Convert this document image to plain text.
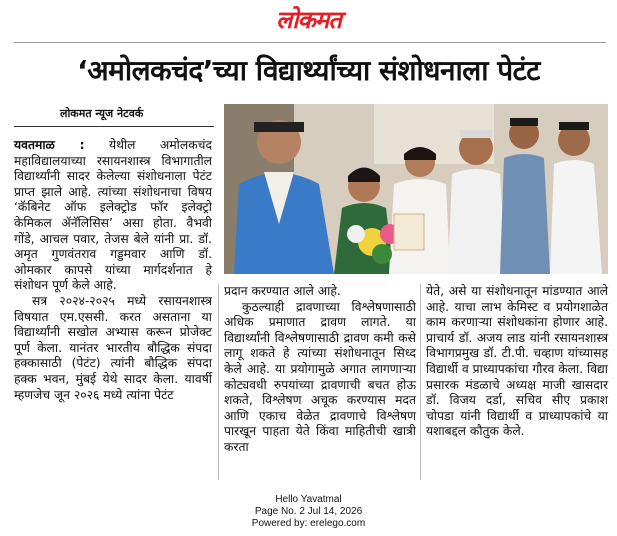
लोकमत
‘अमोलकचंद’च्या विद्यार्थ्यांच्या संशोधनाला पेटंट
लोकमत न्यूज नेटवर्क

यवतमाळ : येथील अमोलकचंद महाविद्यालयाच्या रसायनशास्त्र विभागातील विद्यार्थ्यांनी सादर केलेल्या संशोधनाला पेटंट प्राप्त झाले आहे. त्यांच्या संशोधनाचा विषय ‘कॅबिनेट ऑफ इलेक्ट्रोड फॉर इलेक्ट्रो केमिकल ॲनॅलिसिस’ असा होता. वैभवी गोंडे, आचल पवार, तेजस बेले यांनी प्रा. डॉ. अमृत गुणवंतराव गड्डमवार आणि डॉ. ओमकार कापसे यांच्या मार्गदर्शनात हे संशोधन पूर्ण केले आहे.

सत्र २०२४-२०२५ मध्ये रसायनशास्त्र विषयात एम.एससी. करत असताना या विद्यार्थ्यांनी सखोल अभ्यास करून प्रोजेक्ट पूर्ण केला. यानंतर भारतीय बौद्धिक संपदा हक्कासाठी (पेटंट) त्यांनी बौद्धिक संपदा हक्क भवन, मुंबई येथे सादर केला. यावर्षी म्हणजेच जून २०२६ मध्ये त्यांना पेटंट

प्रदान करण्यात आले आहे.

कुठल्याही द्रावणाच्या विश्लेषणासाठी अधिक प्रमाणात द्रावण लागते. या विद्यार्थ्यांनी विश्लेषणासाठी द्रावण कमी कसे लागू शकते हे त्यांच्या संशोधनातून सिध्द केले आहे. या प्रयोगामुळे अगात लागणाऱ्या कोट्यवधी रुपयांच्या द्रावणाची बचत होऊ शकते, विश्लेषण अचूक करण्यास मदत आणि एकाच वेळेत द्रावणाचे विश्लेषण पारखून पाहता येते किंवा माहितीची खात्री करता

येते, असे या संशोधनातून मांडण्यात आले आहे. याचा लाभ केमिस्ट व प्रयोगशाळेत काम करणाऱ्या संशोधकांना होणार आहे. प्राचार्य डॉ. अजय लाड यांनी रसायनशास्त्र विभागप्रमुख डॉ. टी.पी. चव्हाण यांच्यासह विद्यार्थी व प्राध्यापकांचा गौरव केला. विद्या प्रसारक मंडळाचे अध्यक्ष माजी खासदार डॉ. विजय दर्डा, सचिव सीए प्रकाश चोपडा यांनी विद्यार्थी व प्राध्यापकांचे या यशाबद्दल कौतुक केले.

Hello Yavatmal
Page No. 2 Jul 14, 2026
Powered by: erelego.com
